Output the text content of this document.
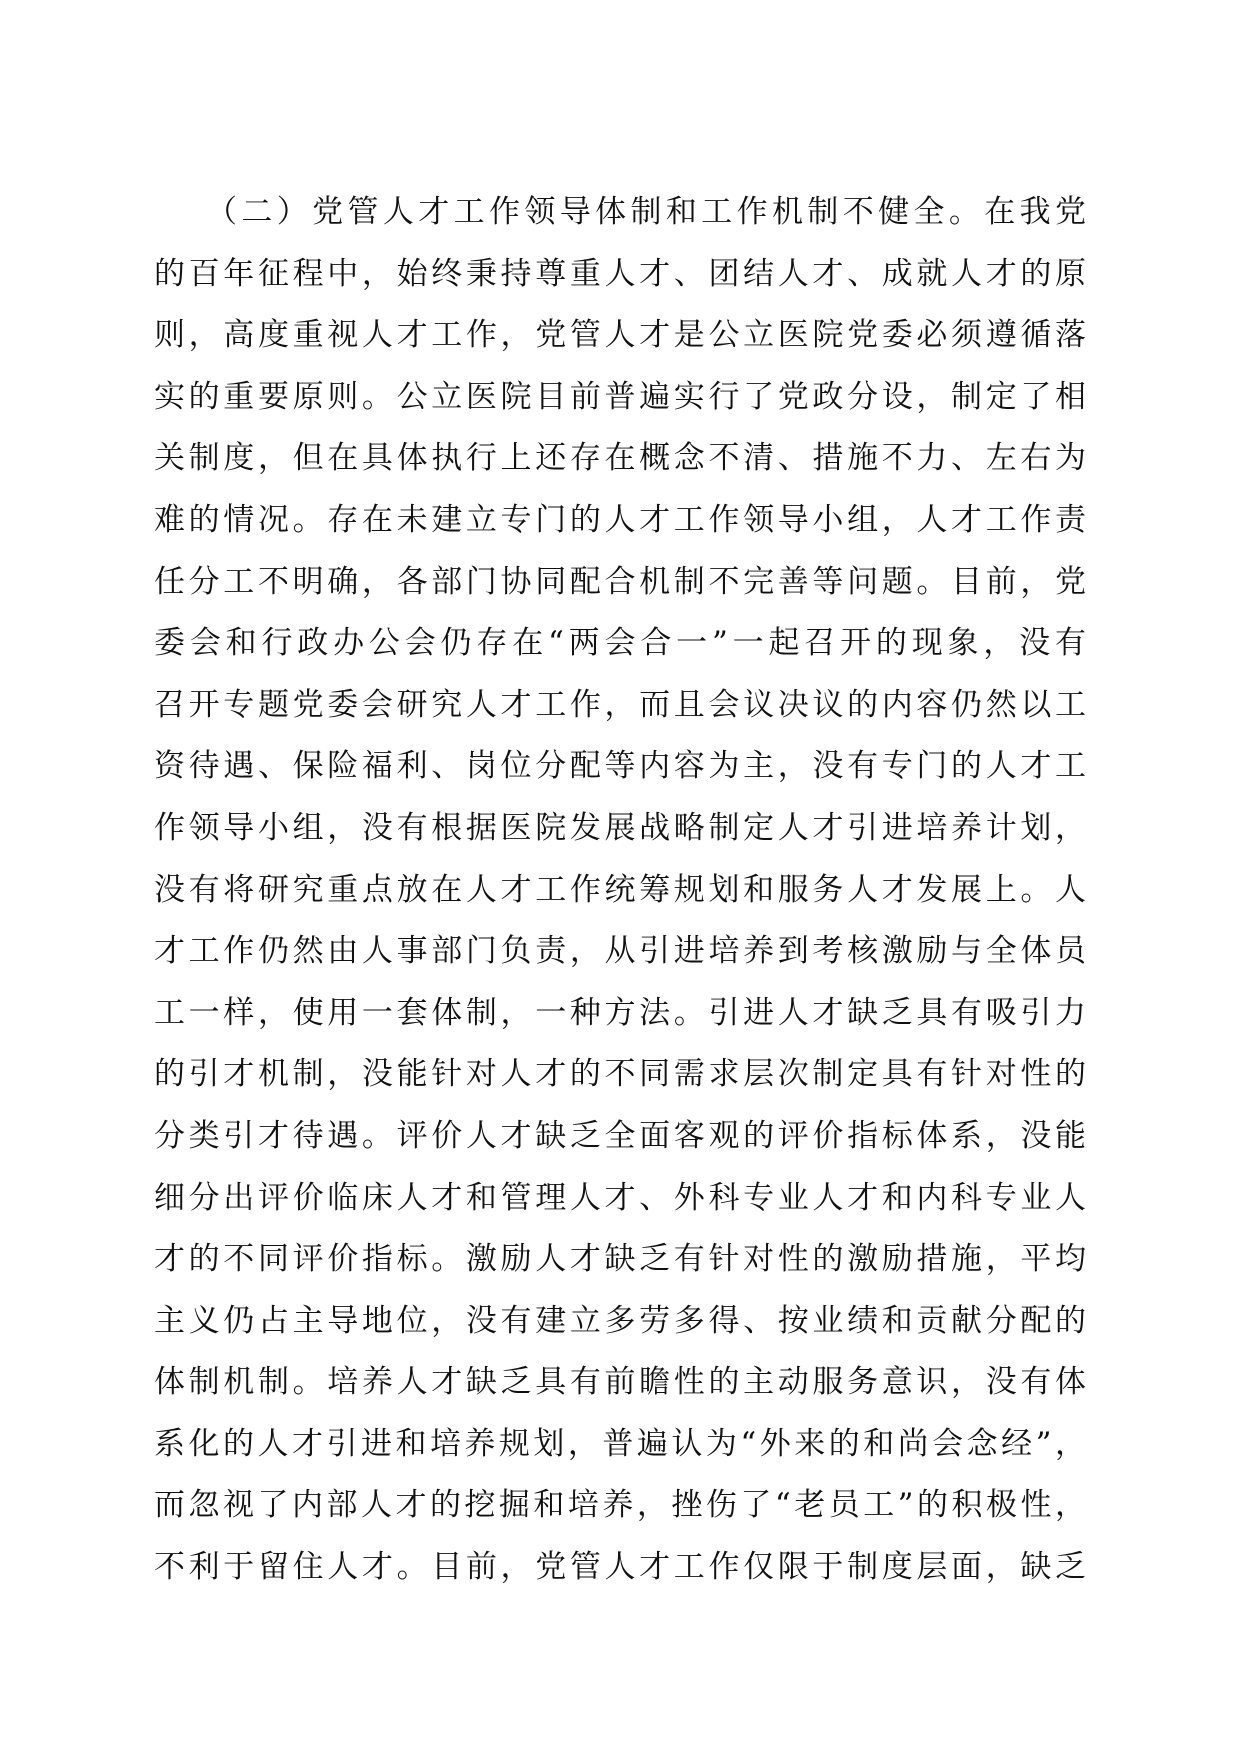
（二）党管人才工作领导体制和工作机制不健全。在我党
的百年征程中，始终秉持尊重人才、团结人才、成就人才的原
则，高度重视人才工作，党管人才是公立医院党委必须遵循落
实的重要原则。公立医院目前普遍实行了党政分设，制定了相
关制度，但在具体执行上还存在概念不清、措施不力、左右为
难的情况。存在未建立专门的人才工作领导小组，人才工作责
任分工不明确，各部门协同配合机制不完善等问题。目前，党
委会和行政办公会仍存在“两会合一”一起召开的现象，没有
召开专题党委会研究人才工作，而且会议决议的内容仍然以工
资待遇、保险福利、岗位分配等内容为主，没有专门的人才工
作领导小组，没有根据医院发展战略制定人才引进培养计划，
没有将研究重点放在人才工作统筹规划和服务人才发展上。人
才工作仍然由人事部门负责，从引进培养到考核激励与全体员
工一样，使用一套体制，一种方法。引进人才缺乏具有吸引力
的引才机制，没能针对人才的不同需求层次制定具有针对性的
分类引才待遇。评价人才缺乏全面客观的评价指标体系，没能
细分出评价临床人才和管理人才、外科专业人才和内科专业人
才的不同评价指标。激励人才缺乏有针对性的激励措施，平均
主义仍占主导地位，没有建立多劳多得、按业绩和贡献分配的
体制机制。培养人才缺乏具有前瞻性的主动服务意识，没有体
系化的人才引进和培养规划，普遍认为“外来的和尚会念经”，
而忽视了内部人才的挖掘和培养，挫伤了“老员工”的积极性，
不利于留住人才。目前，党管人才工作仅限于制度层面，缺乏
